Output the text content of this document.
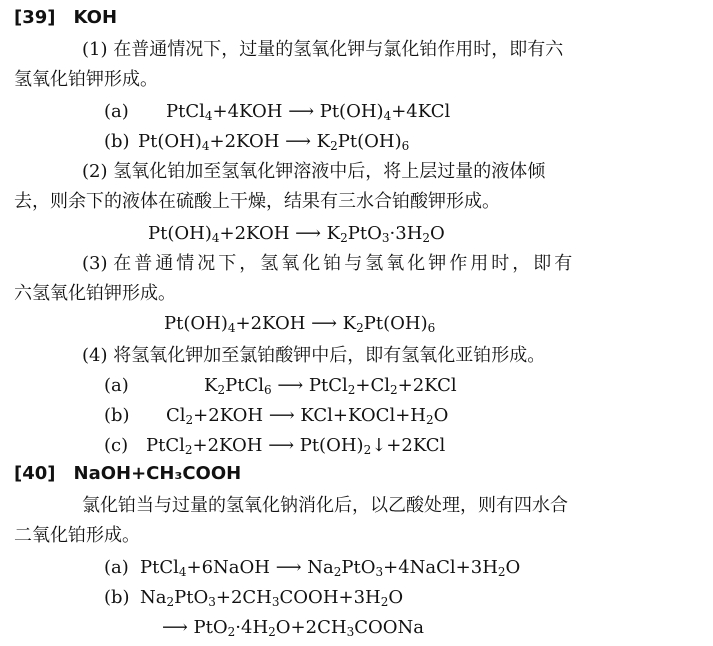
[39] KOH
(1) 在普通情况下，过量的氢氧化钾与氯化铂作用时，即有六
氢氧化铂钾形成。
(a) PtCl$_4$+4KOH ⟶ $Pt(OH)_4+4KCl$
(b) $Pt(OH)_4+2KOH$ ⟶ $K_2Pt(OH)_6$
(2) 氢氧化铂加至氢氧化钾溶液中后，将上层过量的液体倾
去，则余下的液体在硫酸上干燥，结果有三水合铂酸钾形成。
$Pt(OH)_4+2KOH$ ⟶ $K_2PtO_3\cdot 3H_2O$
(3) 在普通情况下，氢氧化铂与氢氧化钾作用时，即有
六氢氧化铂钾形成。
$Pt(OH)_4+2KOH$ ⟶ $K_2Pt(OH)_6$
(4) 将氢氧化钾加至氯铂酸钾中后，即有氢氧化亚铂形成。
(a)	$K_2PtCl_6$ ⟶ $PtCl_2+Cl_2+2KCl$
(b) $Cl_2+2KOH$ ⟶ $KCl+KOCl+H_2O$
(c) PtCl$_2$+2KOH ⟶ $Pt(OH)_2↓+2KCl$
[40] NaOH+CH₃COOH
氯化铂当与过量的氢氧化钠消化后，以乙酸处理，则有四水合
二氧化铂形成。
(a) PtCl$_4$+6NaOH ⟶ $Na_2PtO_3+4NaCl+3H_2O$
(b) $Na_2PtO_3+2CH_3COOH+3H_2O$
⟶ $PtO_2\cdot 4H_2O+2CH_3COONa$
